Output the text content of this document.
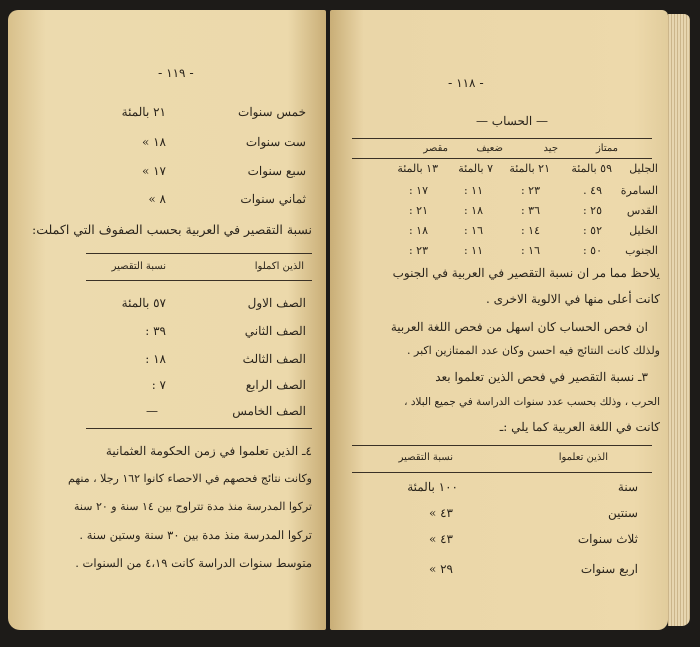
- ١١٩ -
خمس سنوات
٢١ بالمئة
ست سنوات
١٨ »
سبع سنوات
١٧ »
ثماني سنوات
٨ »
نسبة التقصير في العربية بحسب الصفوف التي اكملت:
الذين اكملوا
نسبة التقصير
الصف الاول
٥٧ بالمئة
الصف الثاني
٣٩ :
الصف الثالث
١٨ :
الصف الرابع
٧ :
الصف الخامس
—
٤ـ الذين تعلموا في زمن الحكومة العثمانية
وكانت نتائج فحصهم في الاحصاء كانوا ١٦٢ رجلا ، منهم
تركوا المدرسة منذ مدة تتراوح بين ١٤ سنة و ٢٠ سنة
تركوا المدرسة منذ مدة بين ٣٠ سنة وستين سنة .
متوسط سنوات الدراسة كانت ٤،١٩ من السنوات .
- ١١٨ -
— الحساب —
ممتاز
جيد
ضعيف
مقصر
الجليل
٥٩ بالمئة
٢١ بالمئة
٧ بالمئة
١٣ بالمئة
السامرة
٤٩ .
٢٣ :
١١ :
١٧ :
القدس
٢٥ :
٣٦ :
١٨ :
٢١ :
الخليل
٥٢ :
١٤ :
١٦ :
١٨ :
الجنوب
٥٠ :
١٦ :
١١ :
٢٣ :
يلاحظ مما مر ان نسبة التقصير في العربية في الجنوب
كانت أعلى منها في الالوية الاخرى .
ان فحص الحساب كان اسهل من فحص اللغة العربية
ولذلك كانت النتائج فيه احسن وكان عدد الممتازين اكبر .
٣ـ نسبة التقصير في فحص الذين تعلموا بعد
الحرب ، وذلك بحسب عدد سنوات الدراسة في جميع البلاد ،
كانت في اللغة العربية كما يلي :ـ
الذين تعلموا
نسبة التقصير
سنة
١٠٠ بالمئة
سنتين
٤٣ »
ثلاث سنوات
٤٣ »
اربع سنوات
٢٩ »
